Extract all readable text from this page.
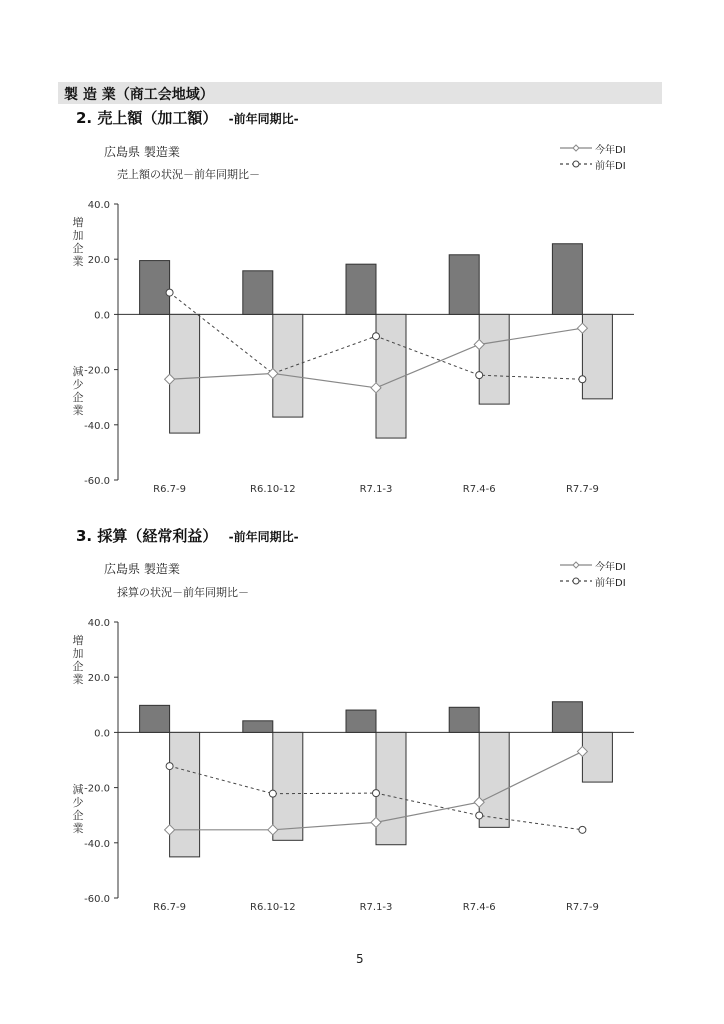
製 造 業（商工会地域）
2. 売上額（加工額） -前年同期比-
広島県 製造業
売上額の状況－前年同期比－
今年DI
前年DI
40.0
20.0
0.0
-20.0
-40.0
-60.0
増
加
企
業
減
少
企
業
R6.7-9	R6.10-12	R7.1-3	R7.4-6	R7.7-9
3. 採算（経常利益） -前年同期比-
広島県 製造業
採算の状況－前年同期比－
今年DI
前年DI
40.0
20.0
0.0
-20.0
-40.0
-60.0
増
加
企
業
減
少
企
業
R6.7-9	R6.10-12	R7.1-3	R7.4-6	R7.7-9
5
